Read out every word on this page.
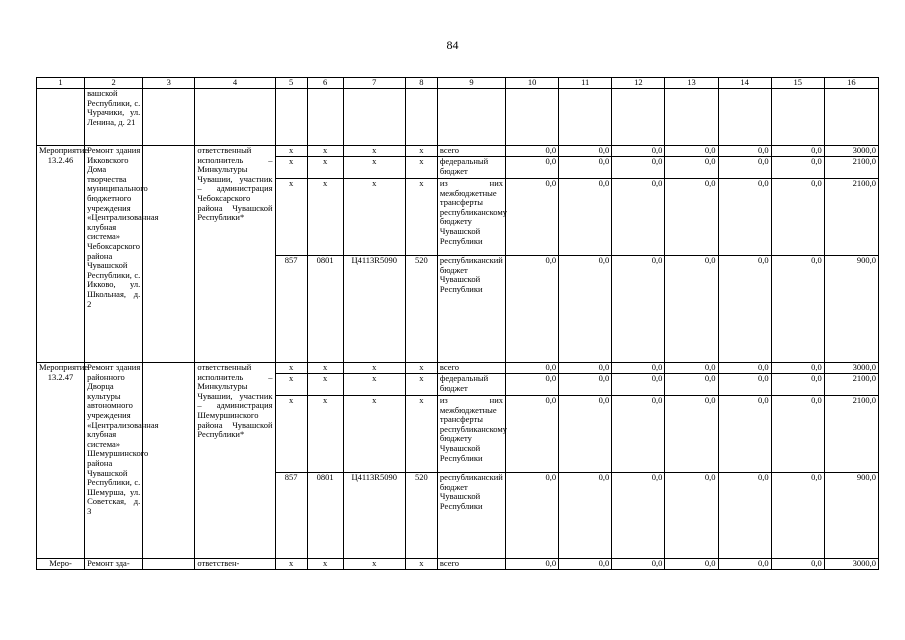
84
1	2	3	4	5	6	7	8	9	10	11	12	13	14	15	16
	вашской Республики, с. Чурачики, ул. Ленина, д. 21														
Мероприятие 13.2.46	Ремонт здания Икковского Дома творчества муниципального бюджетного учреждения «Централизованная клубная система» Чебоксарского района Чувашской Республики, с. Икково, ул. Школьная, д. 2		ответственный исполнитель – Минкультуры Чувашии, участник – администрация Чебоксарского района Чувашской Республики*	x	x	x	x	всего	0,0	0,0	0,0	0,0	0,0	0,0	3000,0
				x	x	x	x	федеральный бюджет	0,0	0,0	0,0	0,0	0,0	0,0	2100,0
				x	x	x	x	из них межбюджетные трансферты республиканскому бюджету Чувашской Республики	0,0	0,0	0,0	0,0	0,0	0,0	2100,0
				857	0801	Ц4113R5090	520	республиканский бюджет Чувашской Республики	0,0	0,0	0,0	0,0	0,0	0,0	900,0
Мероприятие 13.2.47	Ремонт здания районного Дворца культуры автономного учреждения «Централизованная клубная система» Шемуршинского района Чувашской Республики, с. Шемурша, ул. Советская, д. 3		ответственный исполнитель – Минкультуры Чувашии, участник – администрация Шемуршинского района Чувашской Республики*	x	x	x	x	всего	0,0	0,0	0,0	0,0	0,0	0,0	3000,0
				x	x	x	x	федеральный бюджет	0,0	0,0	0,0	0,0	0,0	0,0	2100,0
				x	x	x	x	из них межбюджетные трансферты республиканскому бюджету Чувашской Республики	0,0	0,0	0,0	0,0	0,0	0,0	2100,0
				857	0801	Ц4113R5090	520	республиканский бюджет Чувашской Республики	0,0	0,0	0,0	0,0	0,0	0,0	900,0
Меро-	Ремонт зда-		ответствен-	x	x	x	x	всего	0,0	0,0	0,0	0,0	0,0	0,0	3000,0
